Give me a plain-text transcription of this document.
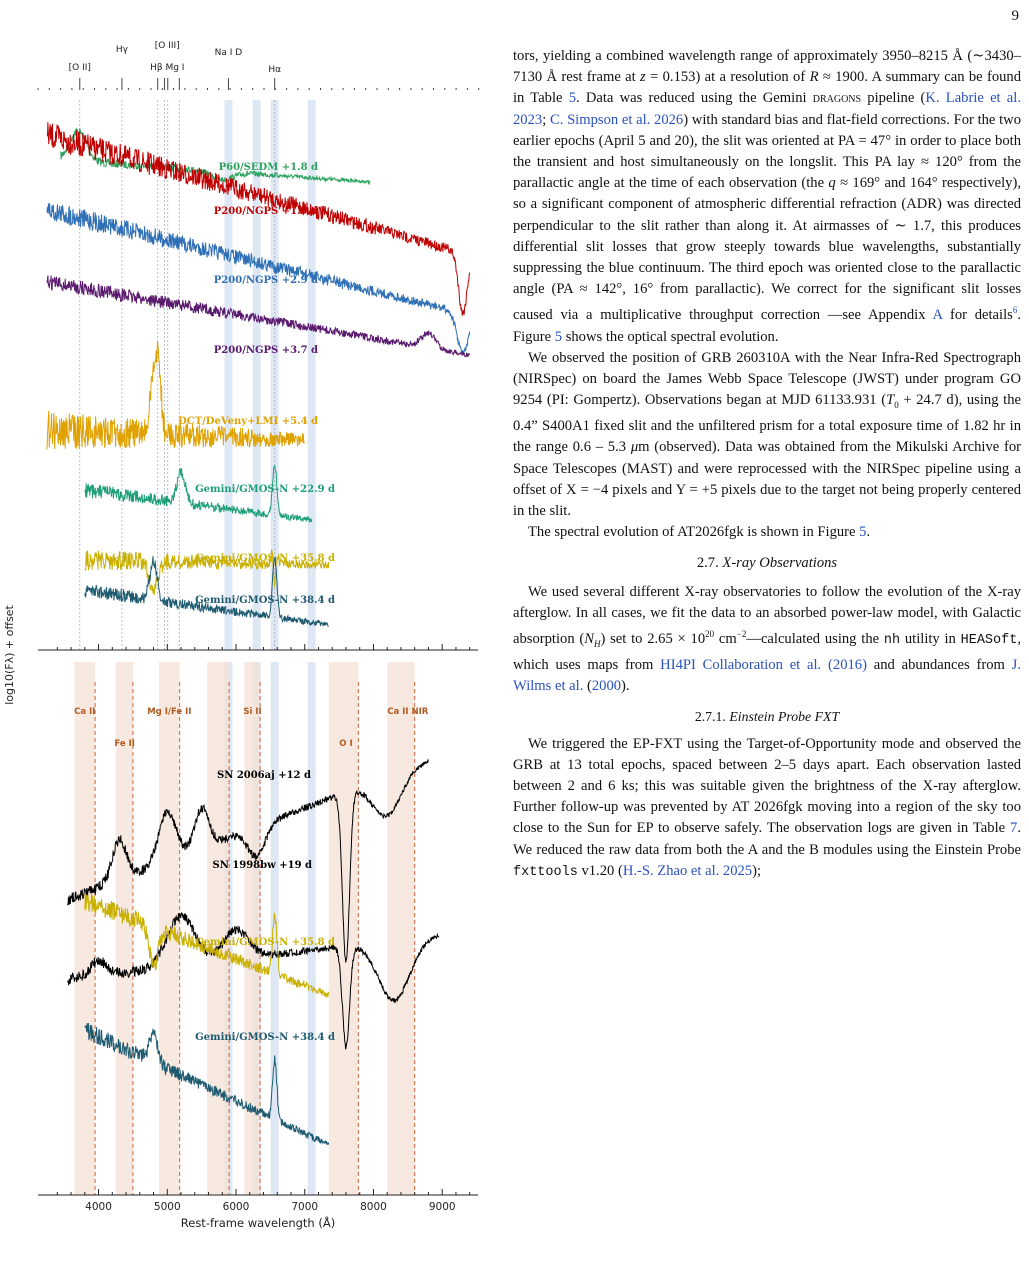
9
[O II]
Hγ	[O III]
Hβ Mg I
Na I D
Hα
Ca II
Fe II
Mg I/Fe II	Si II
O I
Ca II NIR
P60/SEDM +1.8 d
P200/NGPS +1.9 d
P200/NGPS +2.9 d
P200/NGPS +3.7 d
DCT/DeVeny+LMI +5.4 d
Gemini/GMOS-N +22.9 d
Gemini/GMOS-N +35.8 d
Gemini/GMOS-N +38.4 d
SN 2006aj +12 d
SN 1998bw +19 d
Gemini/GMOS-N +35.8 d
Gemini/GMOS-N +38.4 d
4000	5000	6000	7000	8000	9000
Rest-frame wavelength (Å)
log10(Fλ) + offset

tors, yielding a combined wavelength range of approximately 3950–8215 Å (∼3430–7130 Å rest frame at z = 0.153) at a resolution of R ≈ 1900. A summary can be found in Table 5. Data was reduced using the Gemini dragons pipeline (K. Labrie et al. 2023; C. Simpson et al. 2026) with standard bias and flat-field corrections. For the two earlier epochs (April 5 and 20), the slit was oriented at PA = 47° in order to place both the transient and host simultaneously on the longslit. This PA lay ≈ 120° from the parallactic angle at the time of each observation (the q ≈ 169° and 164° respectively), so a significant component of atmospheric differential refraction (ADR) was directed perpendicular to the slit rather than along it. At airmasses of ∼ 1.7, this produces differential slit losses that grow steeply towards blue wavelengths, substantially suppressing the blue continuum. The third epoch was oriented close to the parallactic angle (PA ≈ 142°, 16° from parallactic). We correct for the significant slit losses caused via a multiplicative throughput correction —see Appendix A for details$^6$. Figure 5 shows the optical spectral evolution.

We observed the position of GRB 260310A with the Near Infra-Red Spectrograph (NIRSpec) on board the James Webb Space Telescope (JWST) under program GO 9254 (PI: Gompertz). Observations began at MJD 61133.931 ($T_0 + 24.7$ d), using the 0.4” S400A1 fixed slit and the unfiltered prism for a total exposure time of 1.82 hr in the range 0.6 – 5.3 μm (observed). Data was obtained from the Mikulski Archive for Space Telescopes (MAST) and were reprocessed with the NIRSpec pipeline using a offset of X = −4 pixels and Y = +5 pixels due to the target not being properly centered in the slit.

The spectral evolution of AT2026fgk is shown in Figure 5.

2.7. X-ray Observations

We used several different X-ray observatories to follow the evolution of the X-ray afterglow. In all cases, we fit the data to an absorbed power-law model, with Galactic absorption $(N_H)$ set to $2.65 \times 10^{20}$ $cm^{-2}—calculated$ using the nh utility in HEASoft, which uses maps from HI4PI Collaboration et al. (2016) and abundances from J. Wilms et al. (2000).

2.7.1. Einstein Probe FXT

We triggered the EP-FXT using the Target-of-Opportunity mode and observed the GRB at 13 total epochs, spaced between 2–5 days apart. Each observation lasted between 2 and 6 ks; this was suitable given the brightness of the X-ray afterglow. Further follow-up was prevented by AT 2026fgk moving into a region of the sky too close to the Sun for EP to observe safely. The observation logs are given in Table 7. We reduced the raw data from both the A and the B modules using the Einstein Probe fxttools v1.20 (H.-S. Zhao et al. 2025);
